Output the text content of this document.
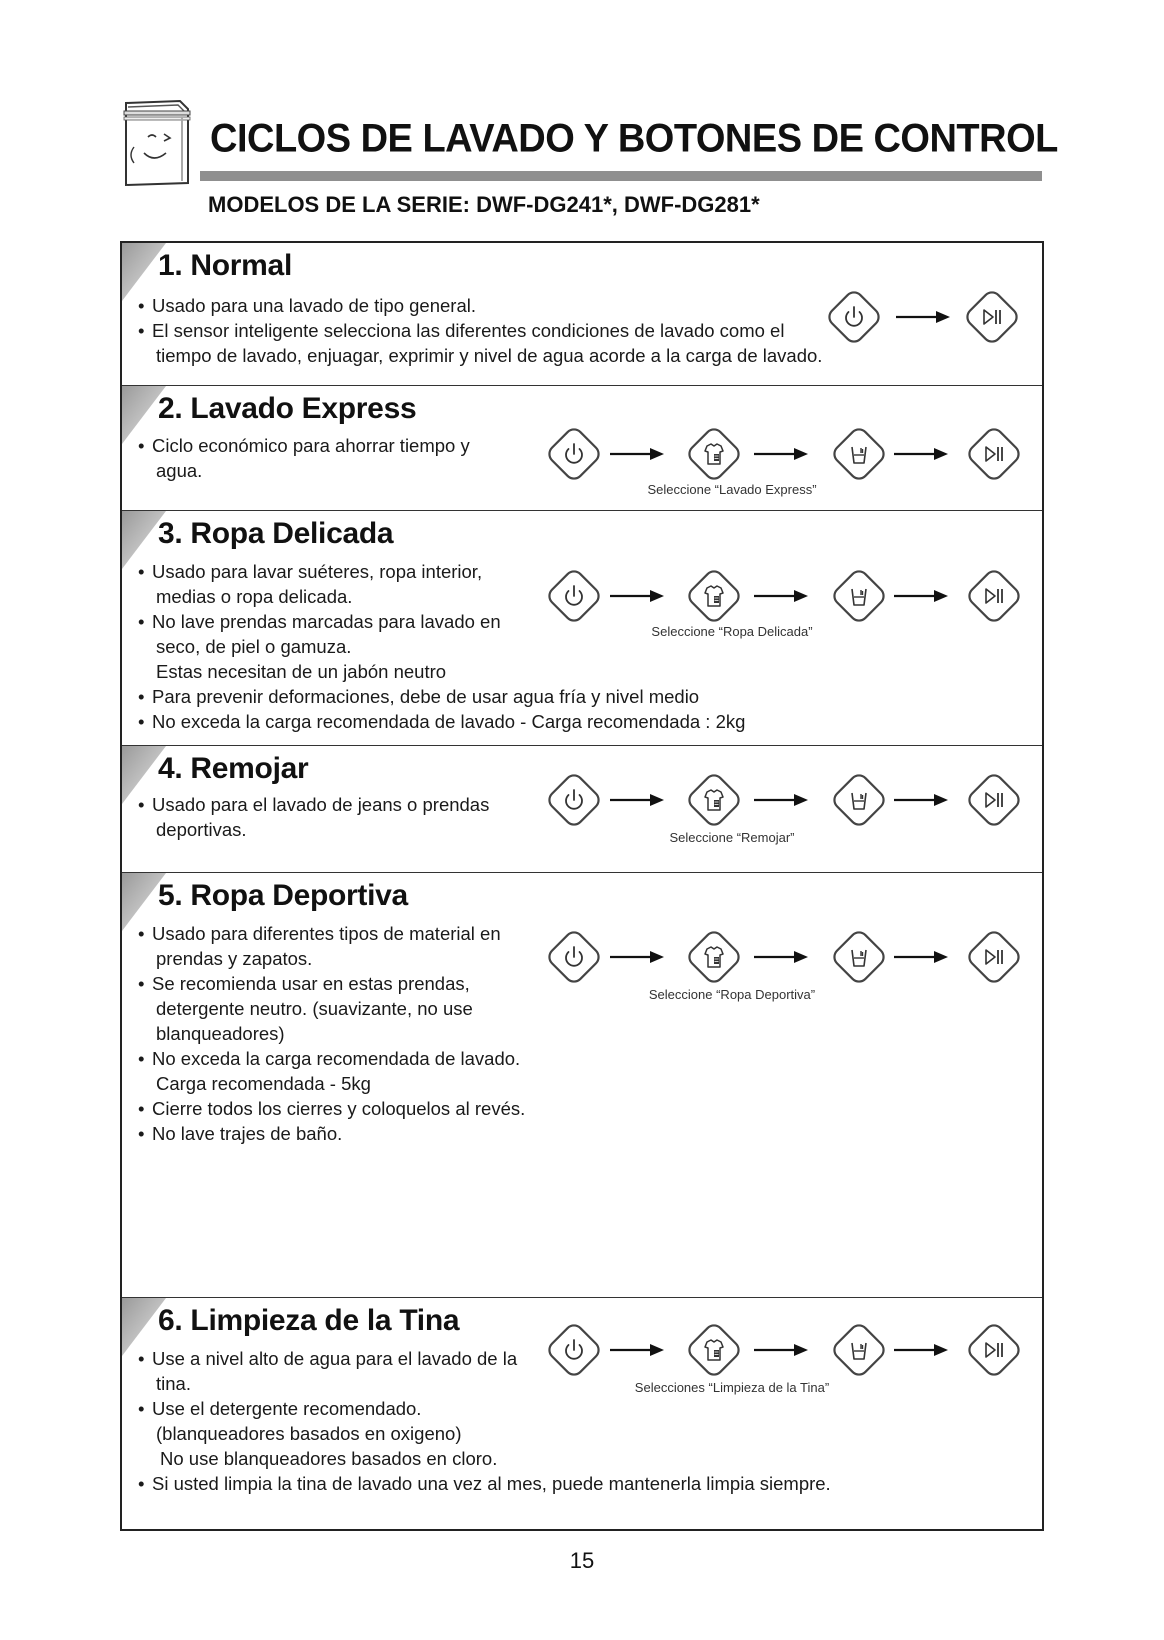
CICLOS DE LAVADO Y BOTONES DE CONTROL
MODELOS DE LA SERIE: DWF-DG241*, DWF-DG281*
1. Normal
• Usado para una lavado de tipo general.
• El sensor inteligente selecciona las diferentes condiciones de lavado como el
tiempo de lavado, enjuagar, exprimir y nivel de agua acorde a la carga de lavado.
2. Lavado Express
• Ciclo económico para ahorrar tiempo y
agua.
Seleccione “Lavado Express”
3. Ropa Delicada
• Usado para lavar suéteres, ropa interior,
medias o ropa delicada.
• No lave prendas marcadas para lavado en
seco, de piel o gamuza.
Estas necesitan de un jabón neutro
• Para prevenir deformaciones, debe de usar agua fría y nivel medio
• No exceda la carga recomendada de lavado - Carga recomendada : 2kg
Seleccione “Ropa Delicada”
4. Remojar
• Usado para el lavado de jeans o prendas
deportivas.	Seleccione “Remojar”
5. Ropa Deportiva
• Usado para diferentes tipos de material en
prendas y zapatos.
• Se recomienda usar en estas prendas,
detergente neutro. (suavizante, no use
blanqueadores)
• No exceda la carga recomendada de lavado.
Carga recomendada - 5kg
• Cierre todos los cierres y coloquelos al revés.
• No lave trajes de baño.
Seleccione “Ropa Deportiva”
6. Limpieza de la Tina
• Use a nivel alto de agua para el lavado de la
tina.
• Use el detergente recomendado.
(blanqueadores basados en oxigeno)
No use blanqueadores basados en cloro.
• Si usted limpia la tina de lavado una vez al mes, puede mantenerla limpia siempre.
Selecciones “Limpieza de la Tina”

15
